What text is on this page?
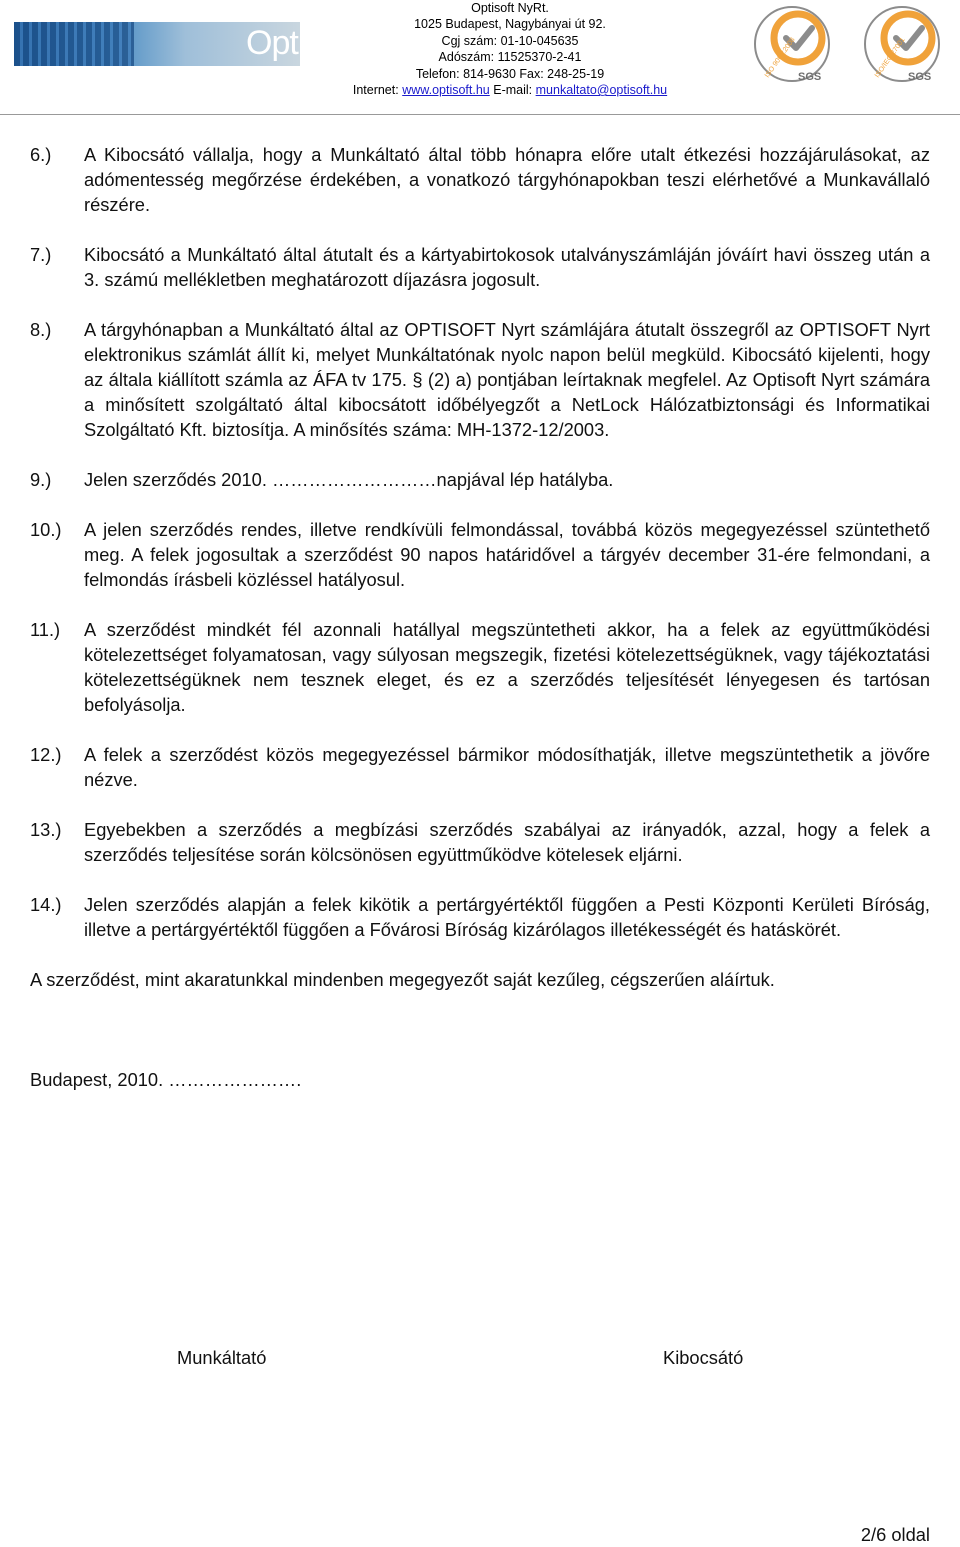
Opti
Optisoft NyRt.
1025 Budapest, Nagybányai út 92.
Cgj szám: 01-10-045635
Adószám: 11525370-2-41
Telefon: 814-9630 Fax: 248-25-19
Internet: www.optisoft.hu E-mail: munkaltato@optisoft.hu
ISO 9001:2008 SGS	ISO/IEC 27001 SGS
6.) A Kibocsátó vállalja, hogy a Munkáltató által több hónapra előre utalt étkezési hozzájárulásokat, az adómentesség megőrzése érdekében, a vonatkozó tárgyhónapokban teszi elérhetővé a Munkavállaló részére.
7.) Kibocsátó a Munkáltató által átutalt és a kártyabirtokosok utalványszámláján jóváírt havi összeg után a 3. számú mellékletben meghatározott díjazásra jogosult.
8.) A tárgyhónapban a Munkáltató által az OPTISOFT Nyrt számlájára átutalt összegről az OPTISOFT Nyrt elektronikus számlát állít ki, melyet Munkáltatónak nyolc napon belül megküld. Kibocsátó kijelenti, hogy az általa kiállított számla az ÁFA tv 175. § (2) a) pontjában leírtaknak megfelel. Az Optisoft Nyrt számára a minősített szolgáltató által kibocsátott időbélyegzőt a NetLock Hálózatbiztonsági és Informatikai Szolgáltató Kft. biztosítja. A minősítés száma: MH-1372-12/2003.
9.) Jelen szerződés 2010. ………………………napjával lép hatályba.
10.) A jelen szerződés rendes, illetve rendkívüli felmondással, továbbá közös megegyezéssel szüntethető meg. A felek jogosultak a szerződést 90 napos határidővel a tárgyév december 31-ére felmondani, a felmondás írásbeli közléssel hatályosul.
11.) A szerződést mindkét fél azonnali hatállyal megszüntetheti akkor, ha a felek az együttműködési kötelezettséget folyamatosan, vagy súlyosan megszegik, fizetési kötelezettségüknek, vagy tájékoztatási kötelezettségüknek nem tesznek eleget, és ez a szerződés teljesítését lényegesen és tartósan befolyásolja.
12.) A felek a szerződést közös megegyezéssel bármikor módosíthatják, illetve megszüntethetik a jövőre nézve.
13.) Egyebekben a szerződés a megbízási szerződés szabályai az irányadók, azzal, hogy a felek a szerződés teljesítése során kölcsönösen együttműködve kötelesek eljárni.
14.) Jelen szerződés alapján a felek kikötik a pertárgyértéktől függően a Pesti Központi Kerületi Bíróság, illetve a pertárgyértéktől függően a Fővárosi Bíróság kizárólagos illetékességét és hatáskörét.

A szerződést, mint akaratunkkal mindenben megegyezőt saját kezűleg, cégszerűen aláírtuk.

Budapest, 2010. ………………….

Munkáltató	Kibocsátó
2/6 oldal
